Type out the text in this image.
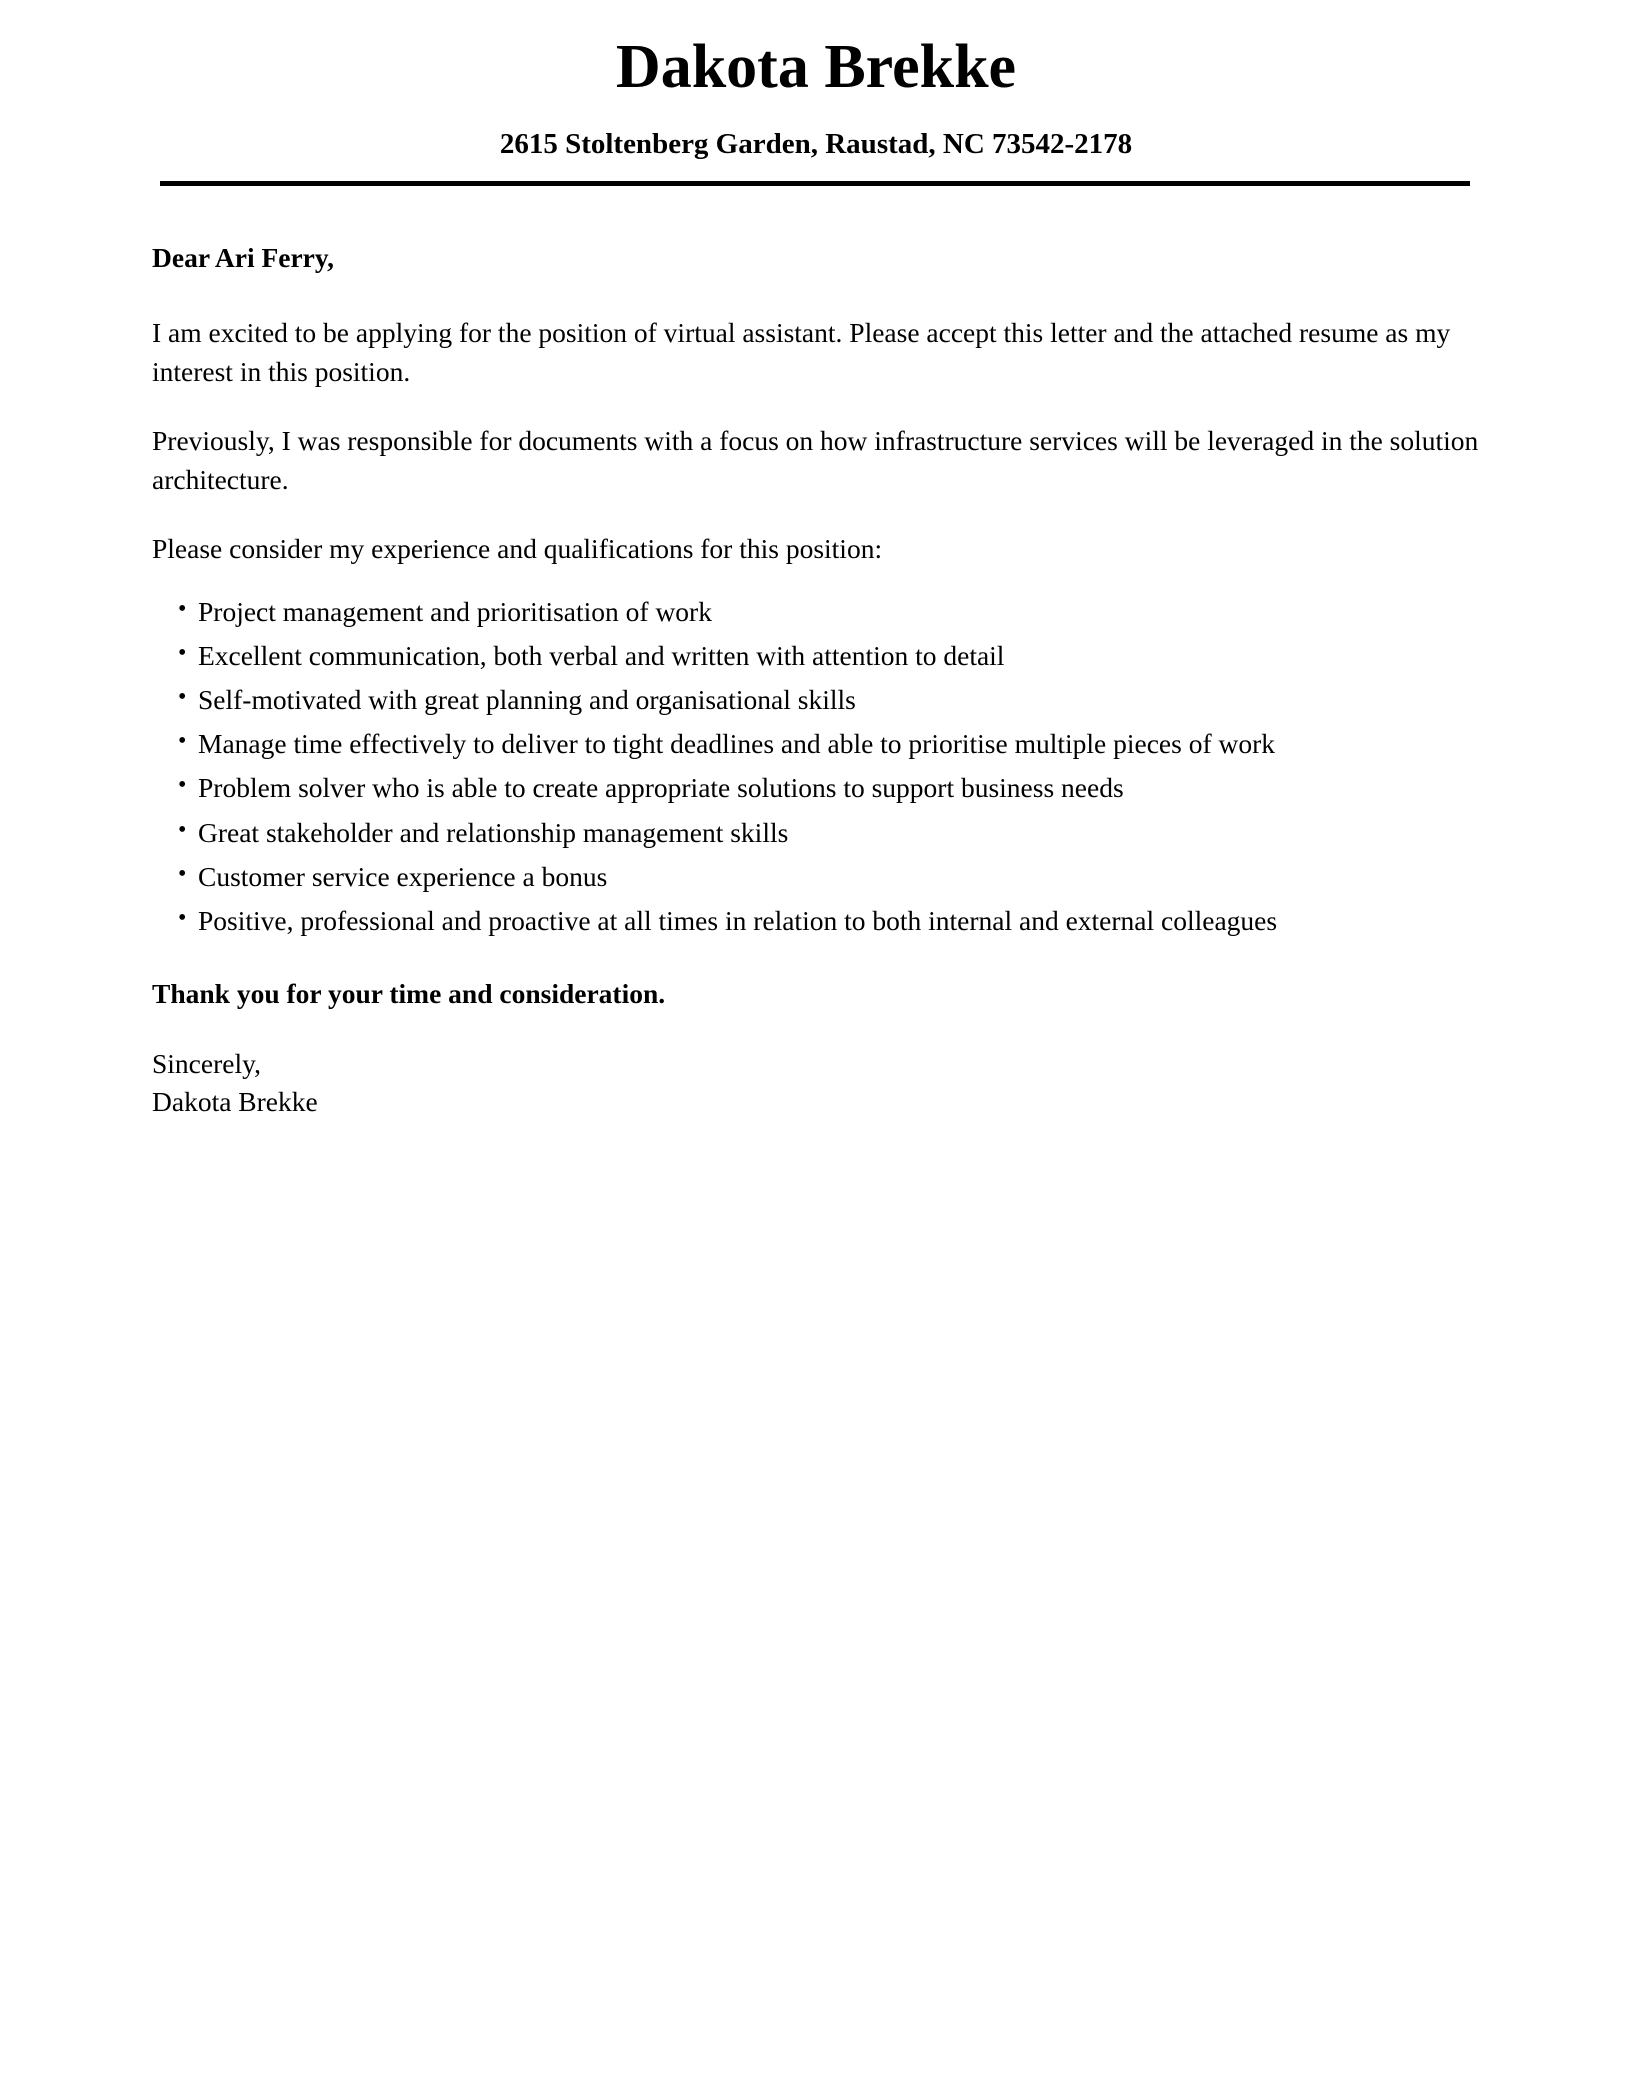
Dakota Brekke
2615 Stoltenberg Garden, Raustad, NC 73542-2178

Dear Ari Ferry,

I am excited to be applying for the position of virtual assistant. Please accept this letter and the attached resume as my interest in this position.

Previously, I was responsible for documents with a focus on how infrastructure services will be leveraged in the solution architecture.

Please consider my experience and qualifications for this position:

• Project management and prioritisation of work
• Excellent communication, both verbal and written with attention to detail
• Self-motivated with great planning and organisational skills
• Manage time effectively to deliver to tight deadlines and able to prioritise multiple pieces of work
• Problem solver who is able to create appropriate solutions to support business needs
• Great stakeholder and relationship management skills
• Customer service experience a bonus
• Positive, professional and proactive at all times in relation to both internal and external colleagues

Thank you for your time and consideration.

Sincerely,
Dakota Brekke
